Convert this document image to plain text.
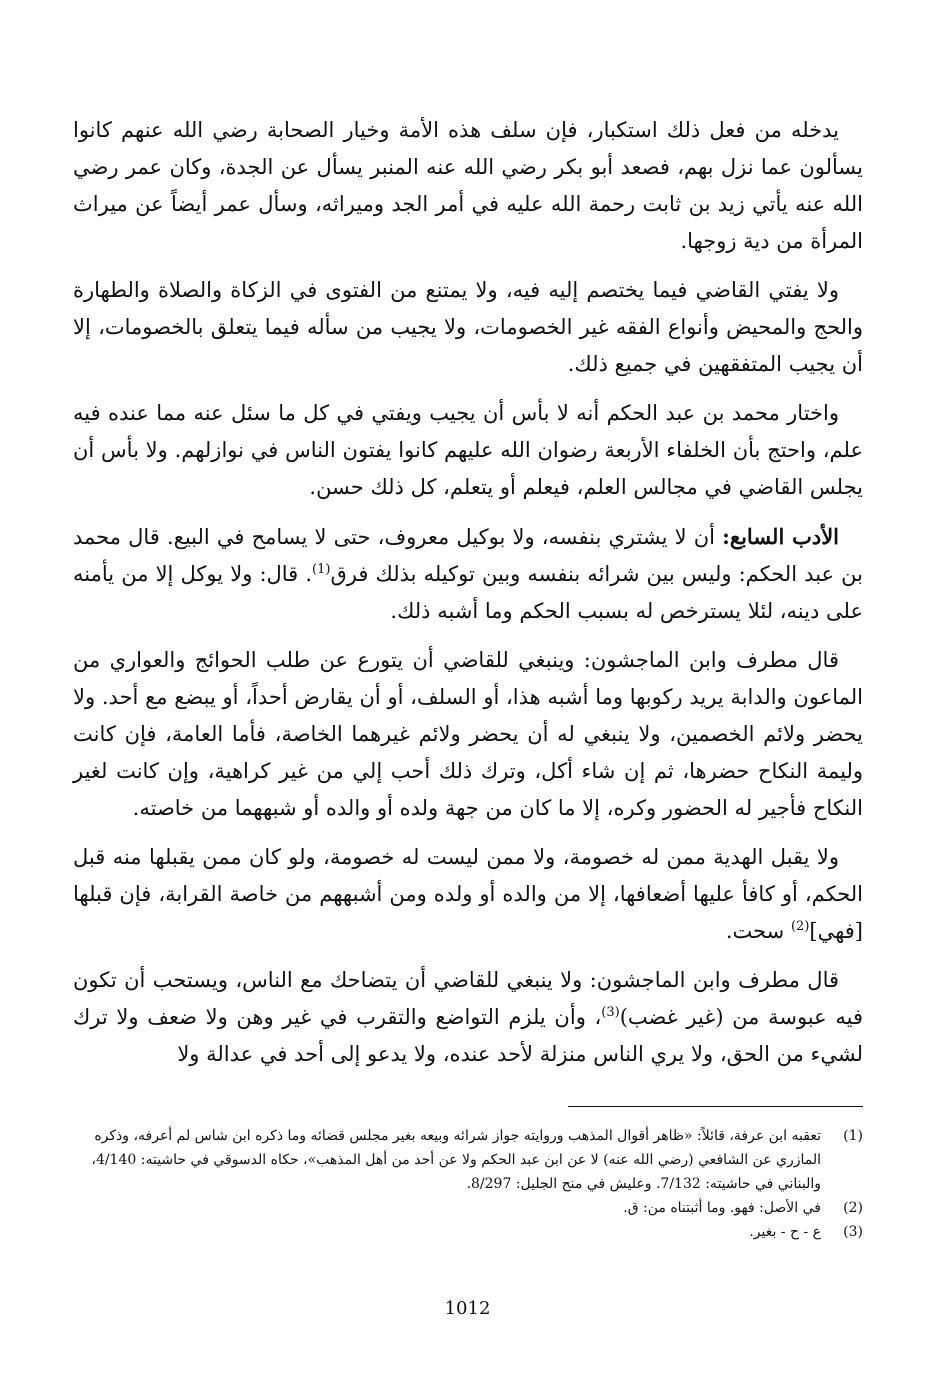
يدخله من فعل ذلك استكبار، فإن سلف هذه الأمة وخيار الصحابة رضي الله عنهم كانوا يسألون عما نزل بهم، فصعد أبو بكر رضي الله عنه المنبر يسأل عن الجدة، وكان عمر رضي الله عنه يأتي زيد بن ثابت رحمة الله عليه في أمر الجد وميراثه، وسأل عمر أيضاً عن ميراث المرأة من دية زوجها.

ولا يفتي القاضي فيما يختصم إليه فيه، ولا يمتنع من الفتوى في الزكاة والصلاة والطهارة والحج والمحيض وأنواع الفقه غير الخصومات، ولا يجيب من سأله فيما يتعلق بالخصومات، إلا أن يجيب المتفقهين في جميع ذلك.

واختار محمد بن عبد الحكم أنه لا بأس أن يجيب ويفتي في كل ما سئل عنه مما عنده فيه علم، واحتج بأن الخلفاء الأربعة رضوان الله عليهم كانوا يفتون الناس في نوازلهم. ولا بأس أن يجلس القاضي في مجالس العلم، فيعلم أو يتعلم، كل ذلك حسن.

الأدب السابع: أن لا يشتري بنفسه، ولا بوكيل معروف، حتى لا يسامح في البيع. قال محمد بن عبد الحكم: وليس بين شرائه بنفسه وبين توكيله بذلك فرق$^{(1)}$. قال: ولا يوكل إلا من يأمنه على دينه، لئلا يسترخص له بسبب الحكم وما أشبه ذلك.

قال مطرف وابن الماجشون: وينبغي للقاضي أن يتورع عن طلب الحوائج والعواري من الماعون والدابة يريد ركوبها وما أشبه هذا، أو السلف، أو أن يقارض أحداً، أو يبضع مع أحد. ولا يحضر ولائم الخصمين، ولا ينبغي له أن يحضر ولائم غيرهما الخاصة، فأما العامة، فإن كانت وليمة النكاح حضرها، ثم إن شاء أكل، وترك ذلك أحب إلي من غير كراهية، وإن كانت لغير النكاح فأجير له الحضور وكره، إلا ما كان من جهة ولده أو والده أو شبههما من خاصته.

ولا يقبل الهدية ممن له خصومة، ولا ممن ليست له خصومة، ولو كان ممن يقبلها منه قبل الحكم، أو كافأ عليها أضعافها، إلا من والده أو ولده ومن أشبههم من خاصة القرابة، فإن قبلها [فهي]$^{(2)}$ سحت.

قال مطرف وابن الماجشون: ولا ينبغي للقاضي أن يتضاحك مع الناس، ويستحب أن تكون فيه عبوسة من (غير غضب)$^{(3)}$، وأن يلزم التواضع والتقرب في غير وهن ولا ضعف ولا ترك لشيء من الحق، ولا يري الناس منزلة لأحد عنده، ولا يدعو إلى أحد في عدالة ولا

(1)
تعقبه ابن عرفة، قائلاً: «ظاهر أقوال المذهب وروايته جواز شرائه وبيعه بغير مجلس قضائه وما ذكره ابن شاس لم أعرفه، وذكره المازري عن الشافعي (رضي الله عنه) لا عن ابن عبد الحكم ولا عن أحد من أهل المذهب»، حكاه الدسوقي في حاشيته: 4/140، والبناني في حاشيته: 7/132. وعليش في منح الجليل: 8/297.
(2)
في الأصل: فهو. وما أثبتناه من: ق.
(3)
ع - ح - بغير.
1012
